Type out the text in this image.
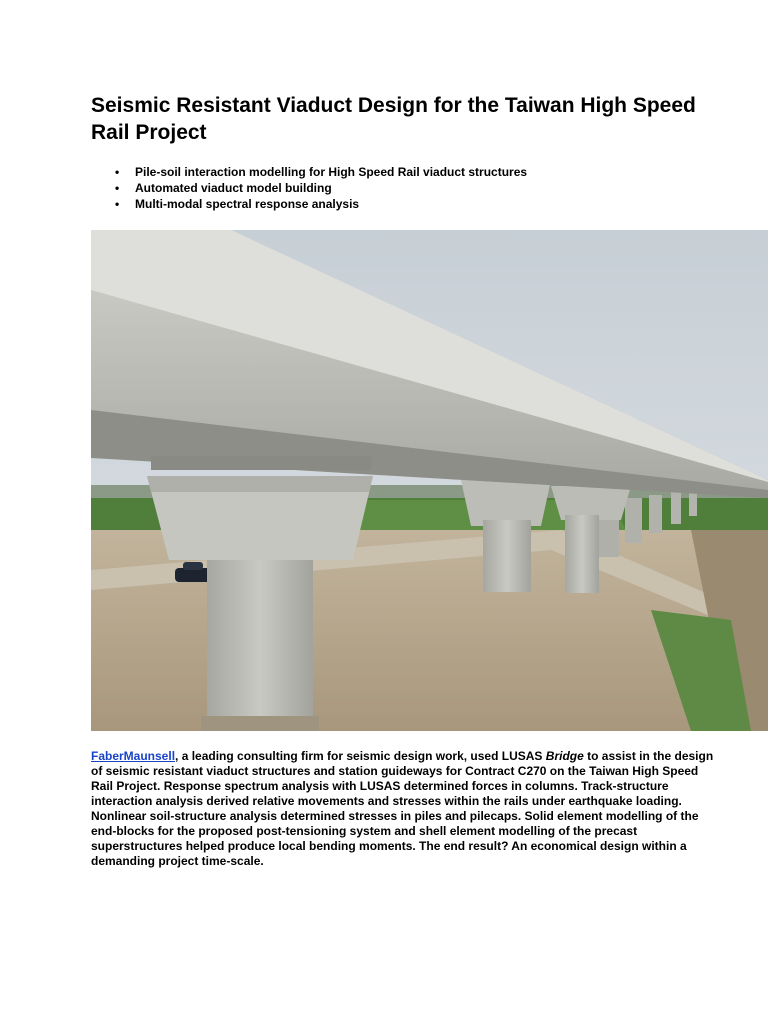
Seismic Resistant Viaduct Design for the Taiwan High Speed Rail Project
• Pile-soil interaction modelling for High Speed Rail viaduct structures
• Automated viaduct model building
• Multi-modal spectral response analysis

FaberMaunsell, a leading consulting firm for seismic design work, used LUSAS Bridge to assist in the design of seismic resistant viaduct structures and station guideways for Contract C270 on the Taiwan High Speed Rail Project. Response spectrum analysis with LUSAS determined forces in columns. Track-structure interaction analysis derived relative movements and stresses within the rails under earthquake loading. Nonlinear soil-structure analysis determined stresses in piles and pilecaps. Solid element modelling of the end-blocks for the proposed post-tensioning system and shell element modelling of the precast superstructures helped produce local bending moments. The end result? An economical design within a demanding project time-scale.
